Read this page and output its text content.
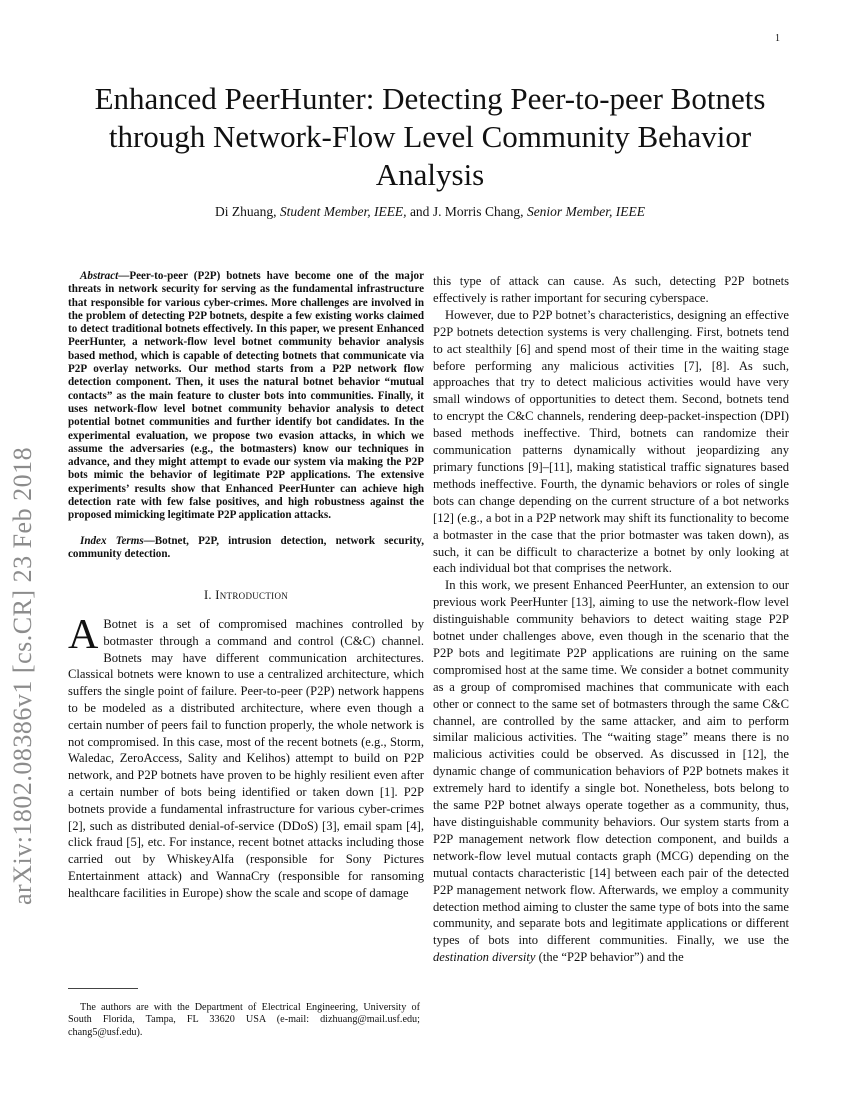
1
arXiv:1802.08386v1 [cs.CR] 23 Feb 2018
Enhanced PeerHunter: Detecting Peer-to-peer Botnets through Network-Flow Level Community Behavior Analysis
Di Zhuang, Student Member, IEEE, and J. Morris Chang, Senior Member, IEEE

Abstract—Peer-to-peer (P2P) botnets have become one of the major threats in network security for serving as the fundamental infrastructure that responsible for various cyber-crimes. More challenges are involved in the problem of detecting P2P botnets, despite a few existing works claimed to detect traditional botnets effectively. In this paper, we present Enhanced PeerHunter, a network-flow level botnet community behavior analysis based method, which is capable of detecting botnets that communicate via P2P overlay networks. Our method starts from a P2P network flow detection component. Then, it uses the natural botnet behavior “mutual contacts” as the main feature to cluster bots into communities. Finally, it uses network-flow level botnet community behavior analysis to detect potential botnet communities and further identify bot candidates. In the experimental evaluation, we propose two evasion attacks, in which we assume the adversaries (e.g., the botmasters) know our techniques in advance, and they might attempt to evade our system via making the P2P bots mimic the behavior of legitimate P2P applications. The extensive experiments’ results show that Enhanced PeerHunter can achieve high detection rate with few false positives, and high robustness against the proposed mimicking legitimate P2P application attacks.

Index Terms—Botnet, P2P, intrusion detection, network security, community detection.

I. Introduction

A Botnet is a set of compromised machines controlled by botmaster through a command and control (C&C) channel. Botnets may have different communication architectures. Classical botnets were known to use a centralized architecture, which suffers the single point of failure. Peer-to-peer (P2P) network happens to be modeled as a distributed architecture, where even though a certain number of peers fail to function properly, the whole network is not compromised. In this case, most of the recent botnets (e.g., Storm, Waledac, ZeroAccess, Sality and Kelihos) attempt to build on P2P network, and P2P botnets have proven to be highly resilient even after a certain number of bots being identified or taken down [1]. P2P botnets provide a fundamental infrastructure for various cyber-crimes [2], such as distributed denial-of-service (DDoS) [3], email spam [4], click fraud [5], etc. For instance, recent botnet attacks including those carried out by WhiskeyAlfa (responsible for Sony Pictures Entertainment attack) and WannaCry (responsible for ransoming healthcare facilities in Europe) show the scale and scope of damage

The authors are with the Department of Electrical Engineering, University of South Florida, Tampa, FL 33620 USA (e-mail: dizhuang@mail.usf.edu; chang5@usf.edu).

this type of attack can cause. As such, detecting P2P botnets effectively is rather important for securing cyberspace.

However, due to P2P botnet’s characteristics, designing an effective P2P botnets detection systems is very challenging. First, botnets tend to act stealthily [6] and spend most of their time in the waiting stage before performing any malicious activities [7], [8]. As such, approaches that try to detect malicious activities would have very small windows of opportunities to detect them. Second, botnets tend to encrypt the C&C channels, rendering deep-packet-inspection (DPI) based methods ineffective. Third, botnets can randomize their communication patterns dynamically without jeopardizing any primary functions [9]–[11], making statistical traffic signatures based methods ineffective. Fourth, the dynamic behaviors or roles of single bots can change depending on the current structure of a bot networks [12] (e.g., a bot in a P2P network may shift its functionality to become a botmaster in the case that the prior botmaster was taken down), as such, it can be difficult to characterize a botnet by only looking at each individual bot that comprises the network.

In this work, we present Enhanced PeerHunter, an extension to our previous work PeerHunter [13], aiming to use the network-flow level distinguishable community behaviors to detect waiting stage P2P botnet under challenges above, even though in the scenario that the P2P bots and legitimate P2P applications are ruining on the same compromised host at the same time. We consider a botnet community as a group of compromised machines that communicate with each other or connect to the same set of botmasters through the same C&C channel, are controlled by the same attacker, and aim to perform similar malicious activities. The “waiting stage” means there is no malicious activities could be observed. As discussed in [12], the dynamic change of communication behaviors of P2P botnets makes it extremely hard to identify a single bot. Nonetheless, bots belong to the same P2P botnet always operate together as a community, thus, have distinguishable community behaviors. Our system starts from a P2P management network flow detection component, and builds a network-flow level mutual contacts graph (MCG) depending on the mutual contacts characteristic [14] between each pair of the detected P2P management network flow. Afterwards, we employ a community detection method aiming to cluster the same type of bots into the same community, and separate bots and legitimate applications or different types of bots into different communities. Finally, we use the destination diversity (the “P2P behavior”) and the
